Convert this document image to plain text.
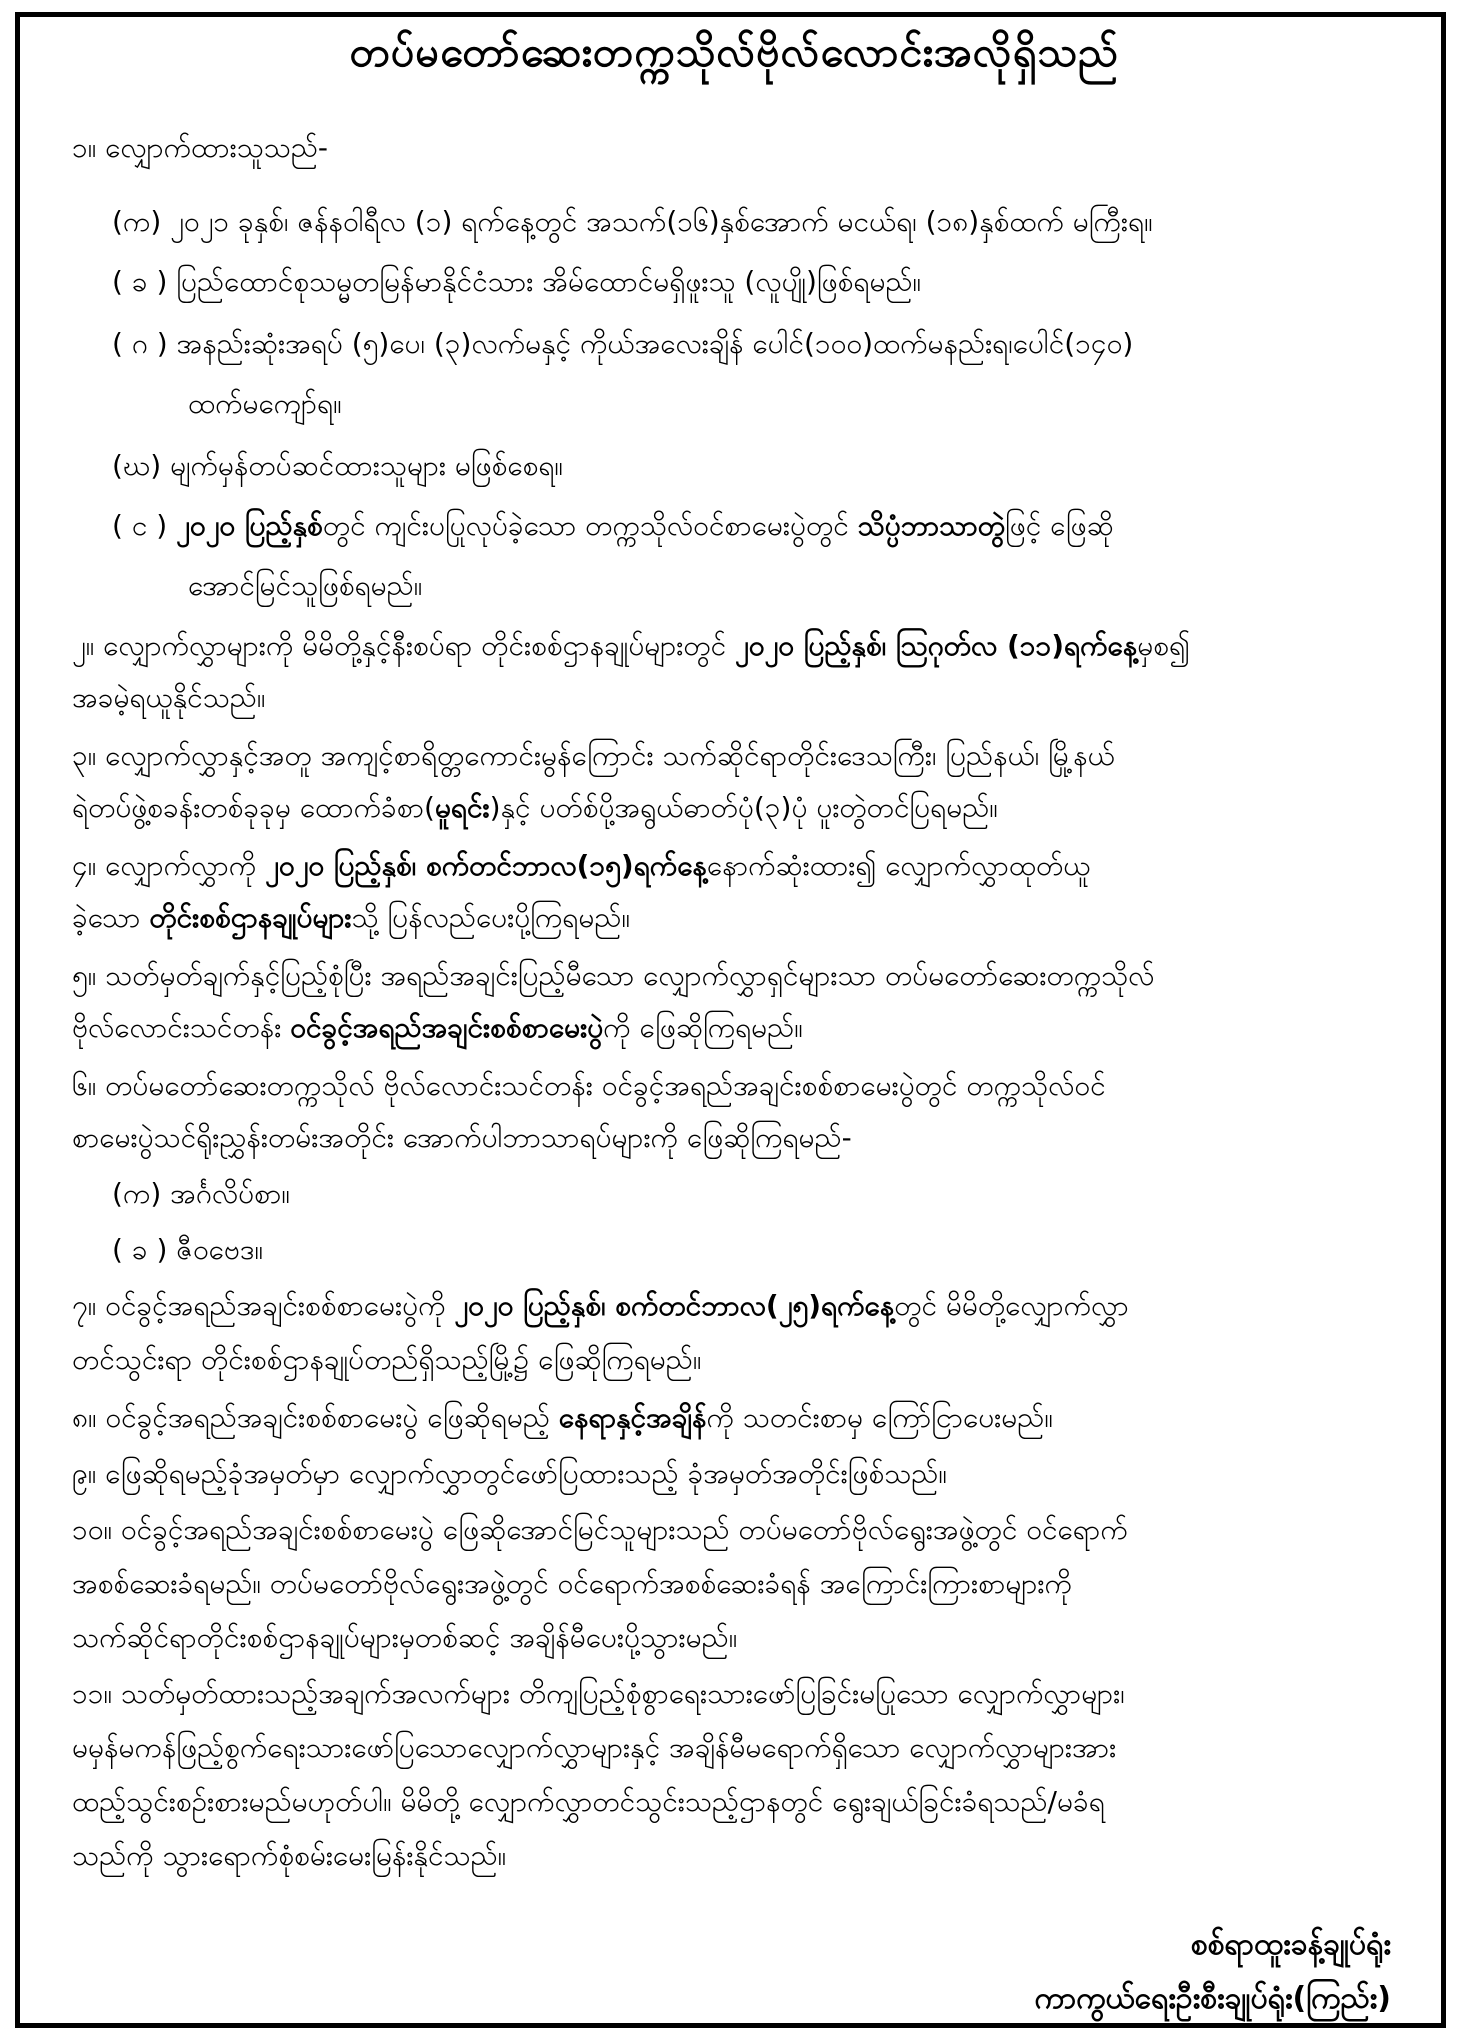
တပ်မတော်ဆေးတက္ကသိုလ်ဗိုလ်လောင်းအလိုရှိသည်
၁။ လျှောက်ထားသူသည်-
(က) ၂၀၂၁ ခုနှစ်၊ ဇန်နဝါရီလ (၁) ရက်နေ့တွင် အသက်(၁၆)နှစ်အောက် မငယ်ရ၊ (၁၈)နှစ်ထက် မကြီးရ။
( ခ ) ပြည်ထောင်စုသမ္မတမြန်မာနိုင်ငံသား အိမ်ထောင်မရှိဖူးသူ (လူပျို)ဖြစ်ရမည်။
( ဂ ) အနည်းဆုံးအရပ် (၅)ပေ၊ (၃)လက်မနှင့် ကိုယ်အလေးချိန် ပေါင်(၁၀၀)ထက်မနည်းရ၊ပေါင်(၁၄၀)
ထက်မကျော်ရ။
(ဃ) မျက်မှန်တပ်ဆင်ထားသူများ မဖြစ်စေရ။
( င ) ၂၀၂၀ ပြည့်နှစ်တွင် ကျင်းပပြုလုပ်ခဲ့သော တက္ကသိုလ်ဝင်စာမေးပွဲတွင် သိပ္ပံဘာသာတွဲဖြင့် ဖြေဆို
အောင်မြင်သူဖြစ်ရမည်။
၂။ လျှောက်လွှာများကို မိမိတို့နှင့်နီးစပ်ရာ တိုင်းစစ်ဌာနချုပ်များတွင် ၂၀၂၀ ပြည့်နှစ်၊ ဩဂုတ်လ (၁၁)ရက်နေ့မှစ၍
အခမဲ့ရယူနိုင်သည်။
၃။ လျှောက်လွှာနှင့်အတူ အကျင့်စာရိတ္တကောင်းမွန်ကြောင်း သက်ဆိုင်ရာတိုင်းဒေသကြီး၊ ပြည်နယ်၊ မြို့နယ်
ရဲတပ်ဖွဲ့စခန်းတစ်ခုခုမှ ထောက်ခံစာ(မူရင်း)နှင့် ပတ်စ်ပို့အရွယ်ဓာတ်ပုံ(၃)ပုံ ပူးတွဲတင်ပြရမည်။
၄။ လျှောက်လွှာကို ၂၀၂၀ ပြည့်နှစ်၊ စက်တင်ဘာလ(၁၅)ရက်နေ့နောက်ဆုံးထား၍ လျှောက်လွှာထုတ်ယူ
ခဲ့သော တိုင်းစစ်ဌာနချုပ်များသို့ ပြန်လည်ပေးပို့ကြရမည်။
၅။ သတ်မှတ်ချက်နှင့်ပြည့်စုံပြီး အရည်အချင်းပြည့်မီသော လျှောက်လွှာရှင်များသာ တပ်မတော်ဆေးတက္ကသိုလ်
ဗိုလ်လောင်းသင်တန်း ဝင်ခွင့်အရည်အချင်းစစ်စာမေးပွဲကို ဖြေဆိုကြရမည်။
၆။ တပ်မတော်ဆေးတက္ကသိုလ် ဗိုလ်လောင်းသင်တန်း ဝင်ခွင့်အရည်အချင်းစစ်စာမေးပွဲတွင် တက္ကသိုလ်ဝင်
စာမေးပွဲသင်ရိုးညွှန်းတမ်းအတိုင်း အောက်ပါဘာသာရပ်များကို ဖြေဆိုကြရမည်-
(က) အင်္ဂလိပ်စာ။
( ခ ) ဇီဝဗေဒ။
၇။ ဝင်ခွင့်အရည်အချင်းစစ်စာမေးပွဲကို ၂၀၂၀ ပြည့်နှစ်၊ စက်တင်ဘာလ(၂၅)ရက်နေ့တွင် မိမိတို့လျှောက်လွှာ
တင်သွင်းရာ တိုင်းစစ်ဌာနချုပ်တည်ရှိသည့်မြို့၌ ဖြေဆိုကြရမည်။
၈။ ဝင်ခွင့်အရည်အချင်းစစ်စာမေးပွဲ ဖြေဆိုရမည့် နေရာနှင့်အချိန်ကို သတင်းစာမှ ကြော်ငြာပေးမည်။
၉။ ဖြေဆိုရမည့်ခုံအမှတ်မှာ လျှောက်လွှာတွင်ဖော်ပြထားသည့် ခုံအမှတ်အတိုင်းဖြစ်သည်။
၁၀။ ဝင်ခွင့်အရည်အချင်းစစ်စာမေးပွဲ ဖြေဆိုအောင်မြင်သူများသည် တပ်မတော်ဗိုလ်ရွေးအဖွဲ့တွင် ဝင်ရောက်
အစစ်ဆေးခံရမည်။ တပ်မတော်ဗိုလ်ရွေးအဖွဲ့တွင် ဝင်ရောက်အစစ်ဆေးခံရန် အကြောင်းကြားစာများကို
သက်ဆိုင်ရာတိုင်းစစ်ဌာနချုပ်များမှတစ်ဆင့် အချိန်မီပေးပို့သွားမည်။
၁၁။ သတ်မှတ်ထားသည့်အချက်အလက်များ တိကျပြည့်စုံစွာရေးသားဖော်ပြခြင်းမပြုသော လျှောက်လွှာများ၊
မမှန်မကန်ဖြည့်စွက်ရေးသားဖော်ပြသောလျှောက်လွှာများနှင့် အချိန်မီမရောက်ရှိသော လျှောက်လွှာများအား
ထည့်သွင်းစဉ်းစားမည်မဟုတ်ပါ။ မိမိတို့ လျှောက်လွှာတင်သွင်းသည့်ဌာနတွင် ရွေးချယ်ခြင်းခံရသည်/မခံရ
သည်ကို သွားရောက်စုံစမ်းမေးမြန်းနိုင်သည်။
စစ်ရာထူးခန့်ချုပ်ရုံး
ကာကွယ်ရေးဦးစီးချုပ်ရုံး(ကြည်း)
